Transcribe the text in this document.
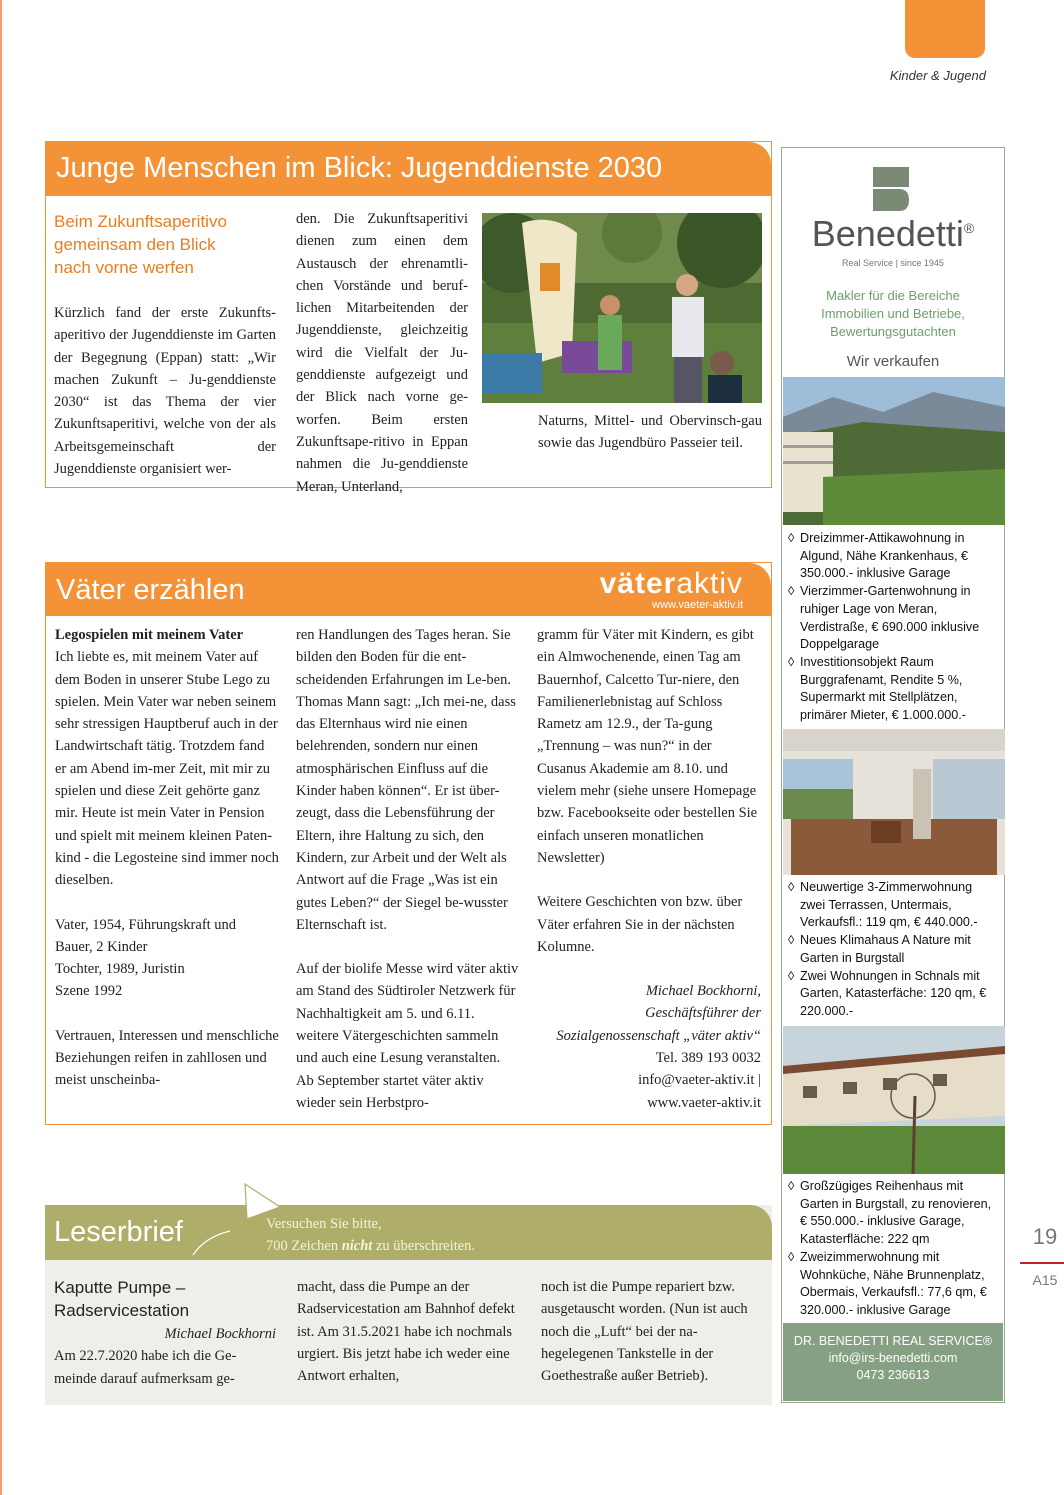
Kinder & Jugend
Junge Menschen im Blick: Jugenddienste 2030
Beim Zukunftsaperitivo
gemeinsam den Blick
nach vorne werfen
Kürzlich fand der erste Zukunfts-aperitivo der Jugenddienste im Garten der Begegnung (Eppan) statt: „Wir machen Zukunft – Ju-genddienste 2030“ ist das Thema der vier Zukunftsaperitivi, welche von der als Arbeitsgemeinschaft der Jugenddienste organisiert wer-
den. Die Zukunftsaperitivi dienen zum einen dem Austausch der ehrenamtli-chen Vorstände und beruf-lichen Mitarbeitenden der Jugenddienste, gleichzeitig wird die Vielfalt der Ju-genddienste aufgezeigt und der Blick nach vorne ge-worfen. Beim ersten Zukunftsape-ritivo in Eppan nahmen die Ju-genddienste Meran, Unterland,
Naturns, Mittel- und Obervinsch-gau sowie das Jugendbüro Passeier teil.
Väter erzählen	väteraktiv
www.vaeter-aktiv.it
Legospielen mit meinem Vater

Ich liebte es, mit meinem Vater auf dem Boden in unserer Stube Lego zu spielen. Mein Vater war neben seinem sehr stressigen Hauptberuf auch in der Landwirtschaft tätig. Trotzdem fand er am Abend im-mer Zeit, mit mir zu spielen und diese Zeit gehörte ganz mir. Heute ist mein Vater in Pension und spielt mit meinem kleinen Paten-kind - die Legosteine sind immer noch dieselben.

Vater, 1954, Führungskraft und
Bauer, 2 Kinder
Tochter, 1989, Juristin
Szene 1992

Vertrauen, Interessen und menschliche Beziehungen reifen in zahllosen und meist unscheinba-

ren Handlungen des Tages heran. Sie bilden den Boden für die ent-scheidenden Erfahrungen im Le-ben. Thomas Mann sagt: „Ich mei-ne, dass das Elternhaus wird nie einen belehrenden, sondern nur einen atmosphärischen Einfluss auf die Kinder haben können“. Er ist über-zeugt, dass die Lebensführung der Eltern, ihre Haltung zu sich, den Kindern, zur Arbeit und der Welt als Antwort auf die Frage „Was ist ein gutes Leben?“ der Siegel be-wusster Elternschaft ist.

Auf der biolife Messe wird väter aktiv am Stand des Südtiroler Netzwerk für Nachhaltigkeit am 5. und 6.11. weitere Vätergeschichten sammeln und auch eine Lesung veranstalten. Ab September startet väter aktiv wieder sein Herbstpro-

gramm für Väter mit Kindern, es gibt ein Almwochenende, einen Tag am Bauernhof, Calcetto Tur-niere, den Familienerlebnistag auf Schloss Rametz am 12.9., der Ta-gung „Trennung – was nun?“ in der Cusanus Akademie am 8.10. und vielem mehr (siehe unsere Homepage bzw. Facebookseite oder bestellen Sie einfach unseren monatlichen Newsletter)

Weitere Geschichten von bzw. über Väter erfahren Sie in der nächsten Kolumne.

Michael Bockhorni,
Geschäftsführer der
Sozialgenossenschaft „väter aktiv“
Tel. 389 193 0032
info@vaeter-aktiv.it |
www.vaeter-aktiv.it
Leserbrief	Versuchen Sie bitte,
700 Zeichen nicht zu überschreiten.
Kaputte Pumpe –
Radservicestation
Michael Bockhorni
Am 22.7.2020 habe ich die Ge-meinde darauf aufmerksam ge-
macht, dass die Pumpe an der Radservicestation am Bahnhof defekt ist. Am 31.5.2021 habe ich nochmals urgiert. Bis jetzt habe ich weder eine Antwort erhalten,
noch ist die Pumpe repariert bzw. ausgetauscht worden. (Nun ist auch noch die „Luft“ bei der na-hegelegenen Tankstelle in der Goethestraße außer Betrieb).
19
A15
Benedetti®
Real Service | since 1945
Makler für die Bereiche
Immobilien und Betriebe,
Bewertungsgutachten
Wir verkaufen
◊ Dreizimmer-Attikawohnung in Algund, Nähe Krankenhaus, € 350.000.- inklusive Garage
◊ Vierzimmer-Gartenwohnung in ruhiger Lage von Meran, Verdistraße, € 690.000 inklusive Doppelgarage
◊ Investitionsobjekt Raum Burggrafenamt, Rendite 5 %, Supermarkt mit Stellplätzen, primärer Mieter, € 1.000.000.-
◊ Neuwertige 3-Zimmerwohnung zwei Terrassen, Untermais, Verkaufsfl.: 119 qm, € 440.000.-
◊ Neues Klimahaus A Nature mit Garten in Burgstall
◊ Zwei Wohnungen in Schnals mit Garten, Katasterfäche: 120 qm, € 220.000.-
◊ Großzügiges Reihenhaus mit Garten in Burgstall, zu renovieren, € 550.000.- inklusive Garage, Katasterfläche: 222 qm
◊ Zweizimmerwohnung mit Wohnküche, Nähe Brunnenplatz, Obermais, Verkaufsfl.: 77,6 qm, € 320.000.- inklusive Garage
DR. BENEDETTI REAL SERVICE®
info@irs-benedetti.com
0473 236613
